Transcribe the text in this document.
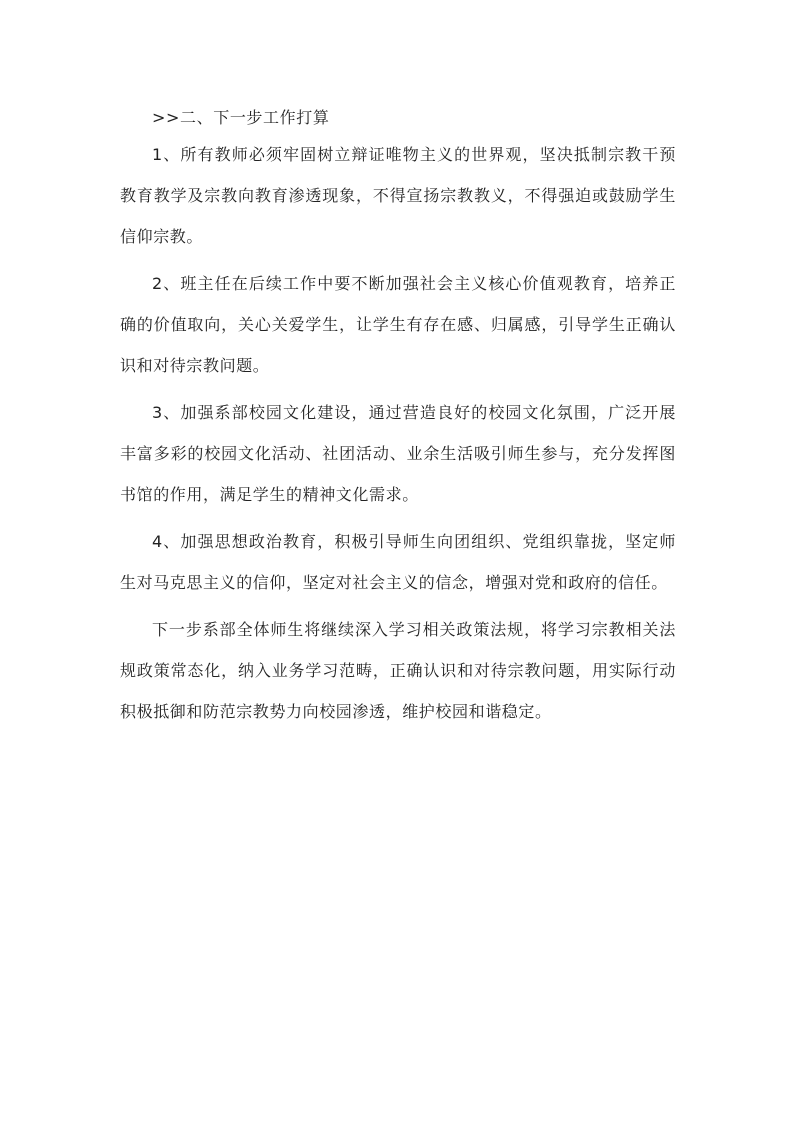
>>二、下一步工作打算

1、所有教师必须牢固树立辩证唯物主义的世界观，坚决抵制宗教干预教育教学及宗教向教育渗透现象，不得宣扬宗教教义，不得强迫或鼓励学生信仰宗教。

2、班主任在后续工作中要不断加强社会主义核心价值观教育，培养正确的价值取向，关心关爱学生，让学生有存在感、归属感，引导学生正确认识和对待宗教问题。

3、加强系部校园文化建设，通过营造良好的校园文化氛围，广泛开展丰富多彩的校园文化活动、社团活动、业余生活吸引师生参与，充分发挥图书馆的作用，满足学生的精神文化需求。

4、加强思想政治教育，积极引导师生向团组织、党组织靠拢，坚定师生对马克思主义的信仰，坚定对社会主义的信念，增强对党和政府的信任。

下一步系部全体师生将继续深入学习相关政策法规，将学习宗教相关法规政策常态化，纳入业务学习范畴，正确认识和对待宗教问题，用实际行动积极抵御和防范宗教势力向校园渗透，维护校园和谐稳定。
